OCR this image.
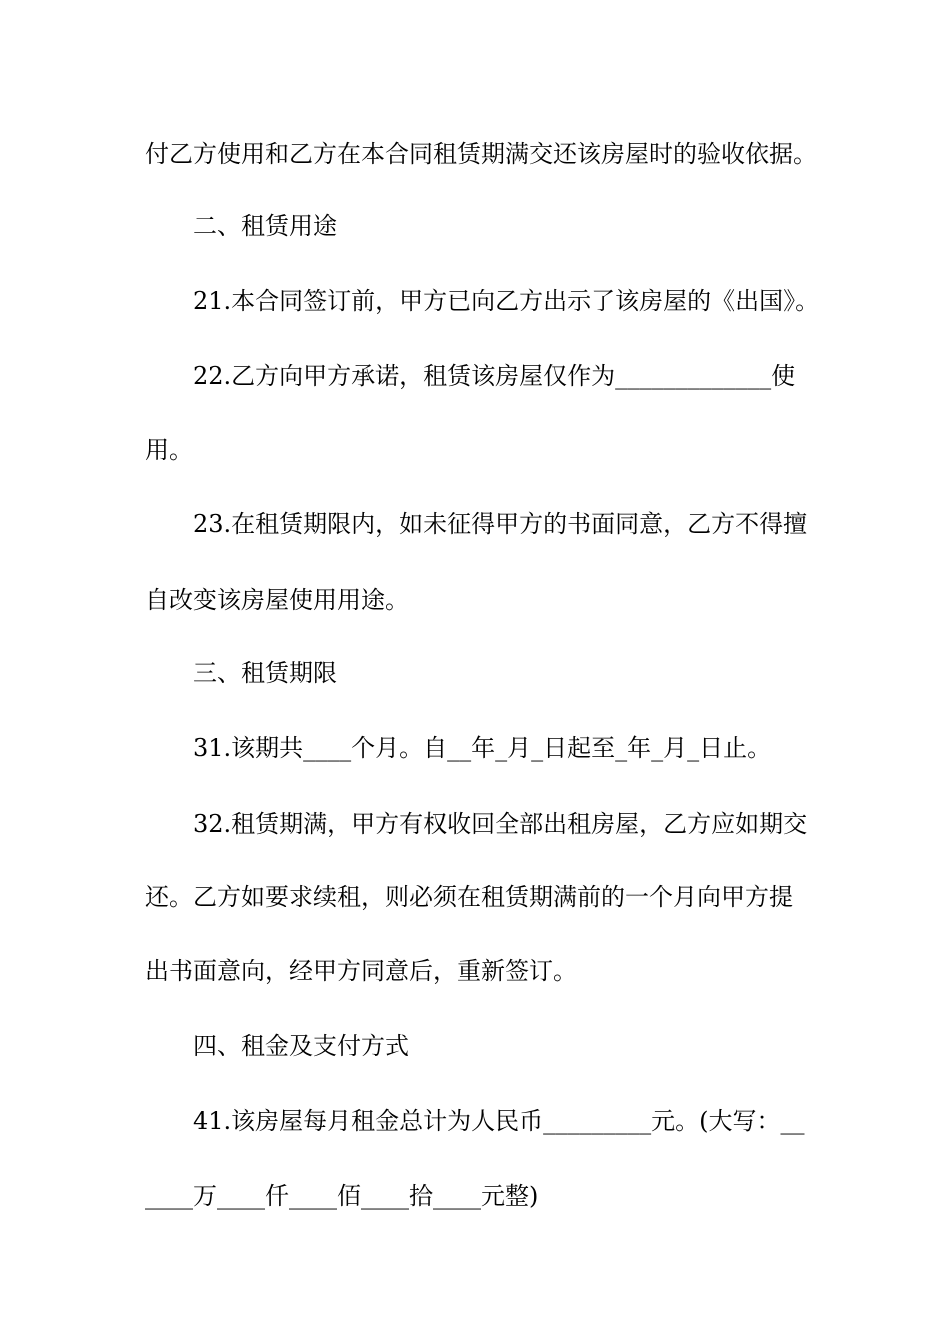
付乙方使用和乙方在本合同租赁期满交还该房屋时的验收依据。
二、租赁用途
21.本合同签订前，甲方已向乙方出示了该房屋的《出国》。
22.乙方向甲方承诺，租赁该房屋仅作为_____________使
用。
23.在租赁期限内，如未征得甲方的书面同意，乙方不得擅
自改变该房屋使用用途。
三、租赁期限
31.该期共____个月。自__年_月_日起至_年_月_日止。
32.租赁期满，甲方有权收回全部出租房屋，乙方应如期交
还。乙方如要求续租，则必须在租赁期满前的一个月向甲方提
出书面意向，经甲方同意后，重新签订。
四、租金及支付方式
41.该房屋每月租金总计为人民币_________元。(大写：__
____万____仟____佰____拾____元整)
